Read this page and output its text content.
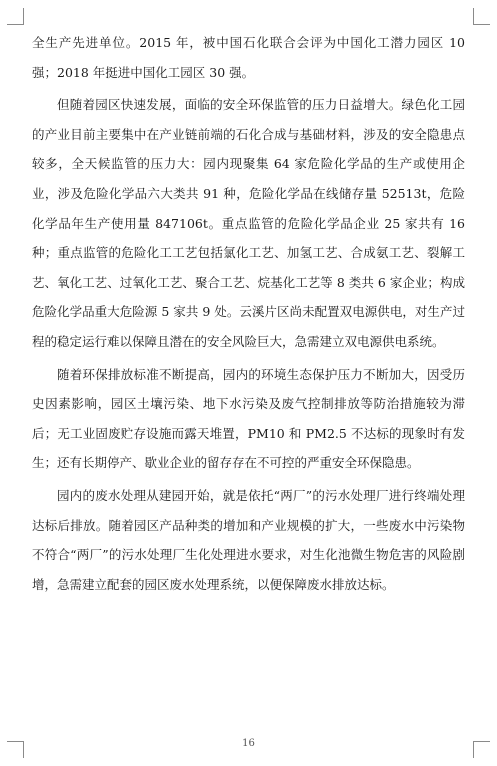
全生产先进单位。2015 年，被中国石化联合会评为中国化工潜力园区 10 强；2018 年挺进中国化工园区 30 强。

但随着园区快速发展，面临的安全环保监管的压力日益增大。绿色化工园的产业目前主要集中在产业链前端的石化合成与基础材料，涉及的安全隐患点较多，全天候监管的压力大：园内现聚集 64 家危险化学品的生产或使用企业，涉及危险化学品六大类共 91 种，危险化学品在线储存量 52513t，危险化学品年生产使用量 847106t。重点监管的危险化学品企业 25 家共有 16 种；重点监管的危险化工工艺包括氯化工艺、加氢工艺、合成氨工艺、裂解工艺、氧化工艺、过氧化工艺、聚合工艺、烷基化工艺等 8 类共 6 家企业；构成危险化学品重大危险源 5 家共 9 处。云溪片区尚未配置双电源供电，对生产过程的稳定运行难以保障且潜在的安全风险巨大，急需建立双电源供电系统。

随着环保排放标准不断提高，园内的环境生态保护压力不断加大，因受历史因素影响，园区土壤污染、地下水污染及废气控制排放等防治措施较为滞后；无工业固废贮存设施而露天堆置，PM10 和 PM2.5 不达标的现象时有发生；还有长期停产、歇业企业的留存存在不可控的严重安全环保隐患。

园内的废水处理从建园开始，就是依托“两厂”的污水处理厂进行终端处理达标后排放。随着园区产品种类的增加和产业规模的扩大，一些废水中污染物不符合“两厂”的污水处理厂生化处理进水要求，对生化池微生物危害的风险剧增，急需建立配套的园区废水处理系统，以便保障废水排放达标。

16
